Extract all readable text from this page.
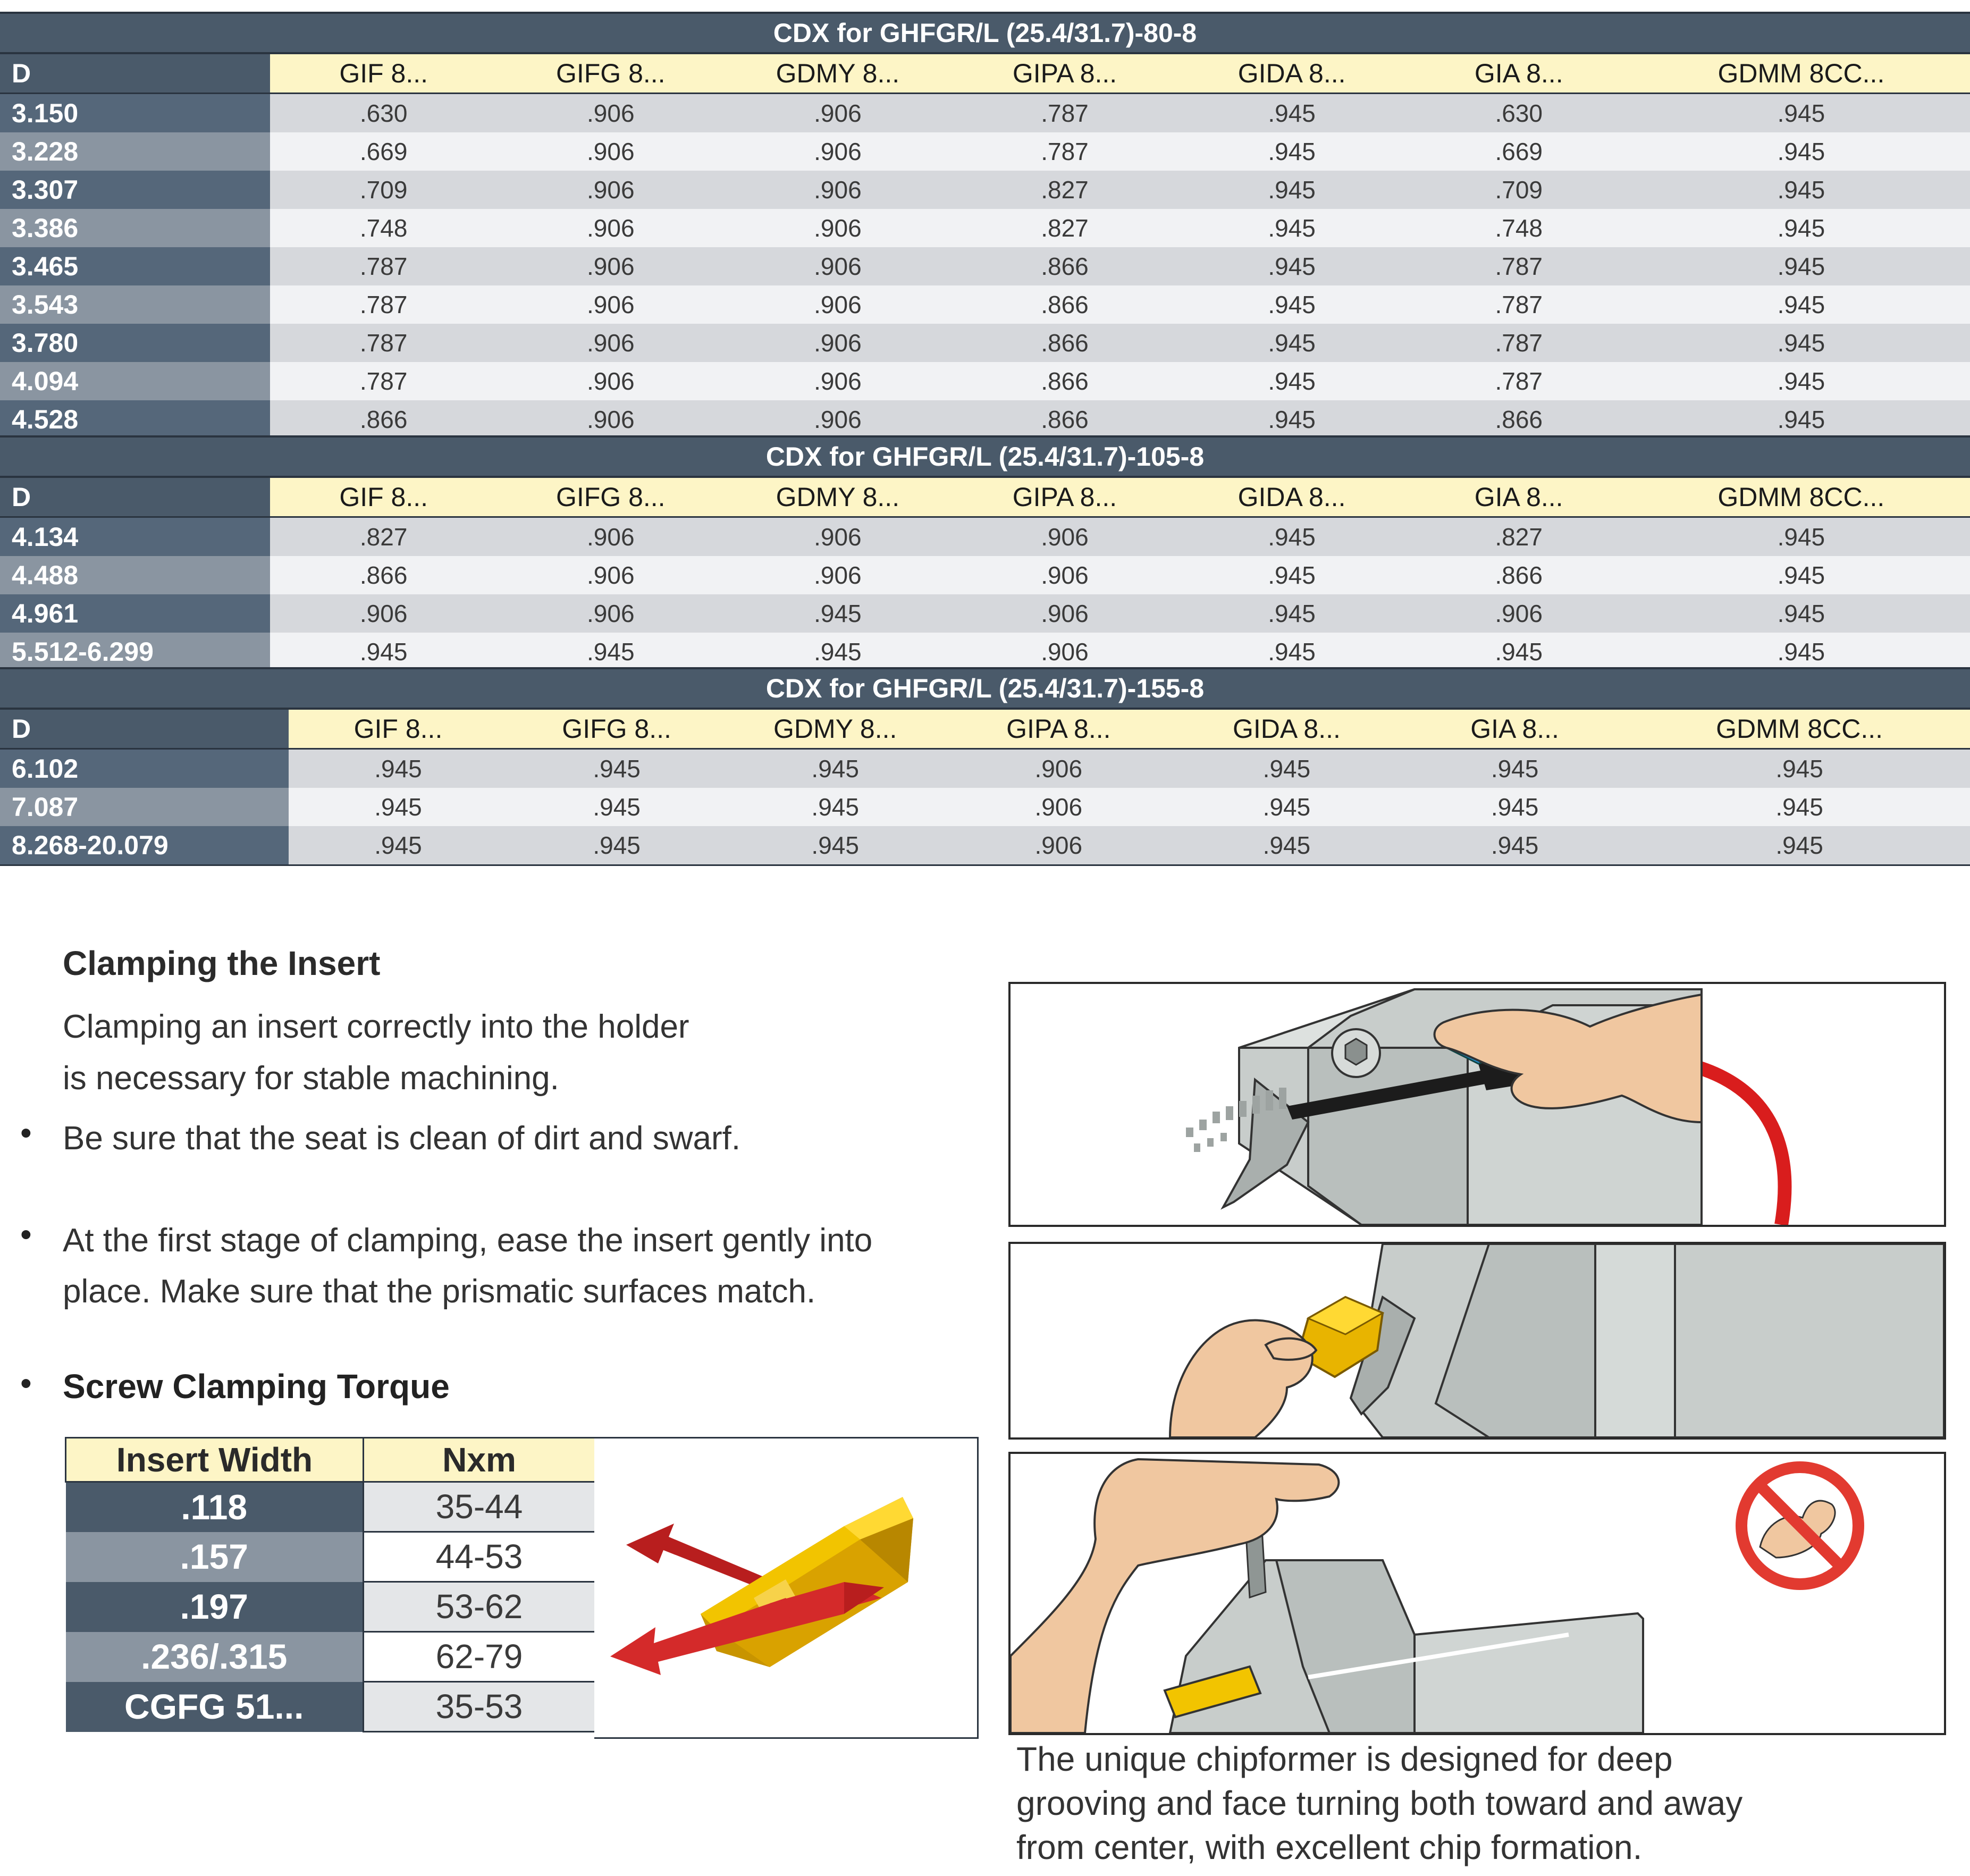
CDX for GHFGR/L (25.4/31.7)-80-8							
D	GIF 8...	GIFG 8...	GDMY 8...	GIPA 8...	GIDA 8...	GIA 8...	GDMM 8CC...
3.150	.630	.906	.906	.787	.945	.630	.945
3.228	.669	.906	.906	.787	.945	.669	.945
3.307	.709	.906	.906	.827	.945	.709	.945
3.386	.748	.906	.906	.827	.945	.748	.945
3.465	.787	.906	.906	.866	.945	.787	.945
3.543	.787	.906	.906	.866	.945	.787	.945
3.780	.787	.906	.906	.866	.945	.787	.945
4.094	.787	.906	.906	.866	.945	.787	.945
4.528	.866	.906	.906	.866	.945	.866	.945
CDX for GHFGR/L (25.4/31.7)-105-8							
D	GIF 8...	GIFG 8...	GDMY 8...	GIPA 8...	GIDA 8...	GIA 8...	GDMM 8CC...
4.134	.827	.906	.906	.906	.945	.827	.945
4.488	.866	.906	.906	.906	.945	.866	.945
4.961	.906	.906	.945	.906	.945	.906	.945
5.512-6.299	.945	.945	.945	.906	.945	.945	.945
CDX for GHFGR/L (25.4/31.7)-155-8							
D	GIF 8...	GIFG 8...	GDMY 8...	GIPA 8...	GIDA 8...	GIA 8...	GDMM 8CC...
6.102	.945	.945	.945	.906	.945	.945	.945
7.087	.945	.945	.945	.906	.945	.945	.945
8.268-20.079	.945	.945	.945	.906	.945	.945	.945
Clamping the Insert
Clamping an insert correctly into the holder
is necessary for stable machining.
• Be sure that the seat is clean of dirt and swarf.
• At the first stage of clamping, ease the insert gently into
place. Make sure that the prismatic surfaces match.
• Screw Clamping Torque
Insert Width	Nxm
.118	35-44
.157	44-53
.197	53-62
.236/.315	62-79
CGFG 51...	35-53
The unique chipformer is designed for deep
grooving and face turning both toward and away
from center, with excellent chip formation.
